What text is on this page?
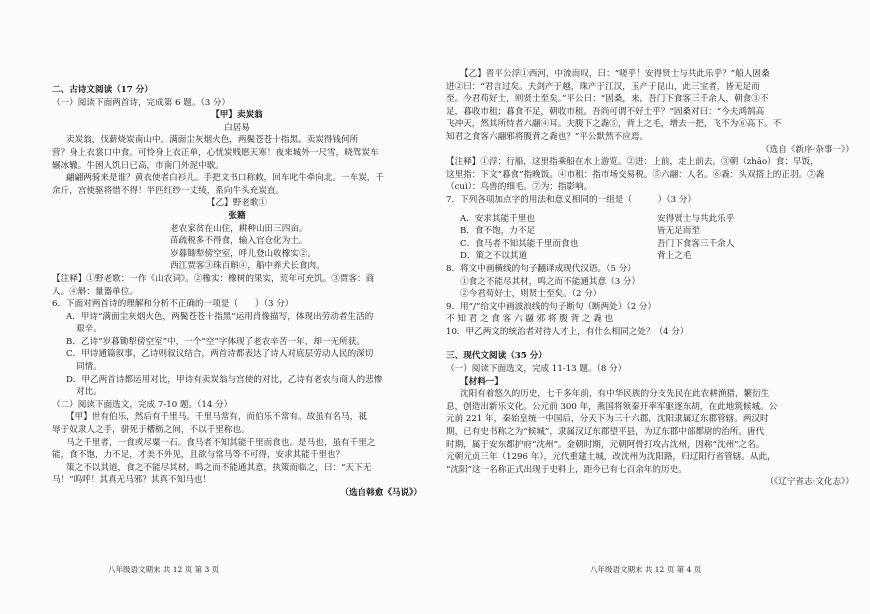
二、古诗文阅读（17 分）
（一）阅读下面两首诗，完成第 6 题。（3 分）
【甲】卖炭翁
白居易
卖炭翁，伐薪烧炭南山中。满面尘灰烟火色，两鬓苍苍十指黑。卖炭得钱何所
营？身上衣裳口中食。可怜身上衣正单，心忧炭贱愿天寒！夜来城外一尺雪，晓驾炭车
辗冰辙。牛困人饥日已高，市南门外泥中歇。
翩翩两骑来是谁？黄衣使者白衫儿。手把文书口称敕，回车叱牛牵向北。一车炭，千
余斤，宫使驱将惜不得！半匹红纱一丈绫，系向牛头充炭直。
【乙】野老歌①
张籍
老农家贫在山住，耕种山田三四亩。
苗疏税多不得食，输入官仓化为土。
岁暮锄犁傍空室，呼儿登山收橡实②。
西江贾客③珠百斛④，船中养犬长食肉。
【注释】①野老歌：一作《山农词》。②橡实：橡树的果实，荒年可充饥。③贾客：商
人。④斛：量器单位。
6．下面对两首诗的理解和分析不正确的一项是（　　）（3 分）
A．甲诗“满面尘灰烟火色，两鬓苍苍十指黑”运用肖像描写，体现出劳动者生活的
艰辛。
B．乙诗“岁暮锄犁傍空室”中，一个“空”字体现了老农辛苦一年，却一无所获。
C．甲诗通篇叙事，乙诗则叙议结合，两首诗都表达了诗人对底层劳动人民的深切
同情。
D．甲乙两首诗都运用对比，甲诗有卖炭翁与宫使的对比，乙诗有老农与商人的悲惨
对比。
（二）阅读下面选文，完成 7-10 题。（14 分）
【甲】世有伯乐，然后有千里马。千里马常有，而伯乐不常有。故虽有名马，祗
辱于奴隶人之手，骈死于槽枥之间，不以千里称也。
马之千里者，一食或尽粟一石。食马者不知其能千里而食也。是马也，虽有千里之
能，食不饱，力不足，才美不外见，且欲与常马等不可得，安求其能千里也？
策之不以其道，食之不能尽其材，鸣之而不能通其意，执策而临之，曰：“天下无
马！”呜呼！其真无马邪？其真不知马也！
（选自韩愈《马说》）
【乙】晋平公浮①西河，中流而叹，曰：“嗟乎！安得贤士与共此乐乎？”船人固桑
进②曰：“君言过矣。夫剑产于越，珠产于江汉，玉产于昆山，此三宝者，皆无足而
至。今君苟好士，则贤士至矣。”平公曰：“固桑，来，吾门下食客三千余人，朝食③不
足，暮收市租；暮食不足，朝收市租。吾尚可谓不好士乎？”固桑对曰：“今夫鸿鹄高
飞冲天，然其所恃者六翮④耳。夫腹下之毳⑤，背上之毛，增去一把，飞不为⑥高下。不
知君之食客六翮邪将腹背之毳也？”平公默然不应焉。
（选自《新序·杂事一》）
【注释】①浮：行船，这里指乘船在水上游览。②进：上前，走上前去。③朝（zhāo）食：早饭，
这里指：下文“暮食”指晚饭。④市租：指市场交易税。⑤六翮：人名。⑥毳：头双搭上的正羽。⑦毳
（cuì）：鸟兽的细毛。⑦为：指影响。
7．下列各项加点字的用法和意义相同的一组是（　　　）（3 分）
A．安求其能千里也	安得贤士与共此乐乎
B．食不饱，力不足	皆无足而至
C．食马者不知其能千里而食也	吾门下食客三千余人
D．策之不以其道	背上之毛
8．将文中画横线的句子翻译成现代汉语。（5 分）
①食之不能尽其材，鸣之而不能通其意（3 分）
②今君苟好士，则贤士至矣。（2 分）
9．用“/”给文中画波浪线的句子断句（断两处）（2 分）
不 知 君 之 食 客 六 翮 邪 将 腹 背 之 毳 也
10．甲乙两文的统治者对待人才上，有什么相同之处？（4 分）
三、现代文阅读（35 分）
（一）阅读下面选文，完成 11-13 题。（8 分）
【材料一】
沈阳有着悠久的历史，七千多年前，有中华民族的分支先民在此农耕渔猎，繁衍生
息，创造出新乐文化。公元前 300 年，燕国将领秦开率军驱逐东胡，在此地筑候城。公
元前 221 年，秦始皇统一中国后，分天下为三十六郡，沈阳隶属辽东郡管辖。两汉时
期，已有史书称之为“候城”，隶属汉辽东郡望平县，为辽东郡中部都尉的治所。唐代
时期，属于安东都护府“沈州”。金朝时期，元朝阿骨打攻占沈州，因称“沈州”之名。
元朝元贞三年（1296 年），元代重建土城，改沈州为沈阳路，归辽阳行省管辖。从此，
“沈阳”这一名称正式出现于史料上，距今已有七百余年的历史。
（《辽宁省志·文化志》）
八年级语文期末 共 12 页 第 3 页	八年级语文期末 共 12 页 第 4 页
